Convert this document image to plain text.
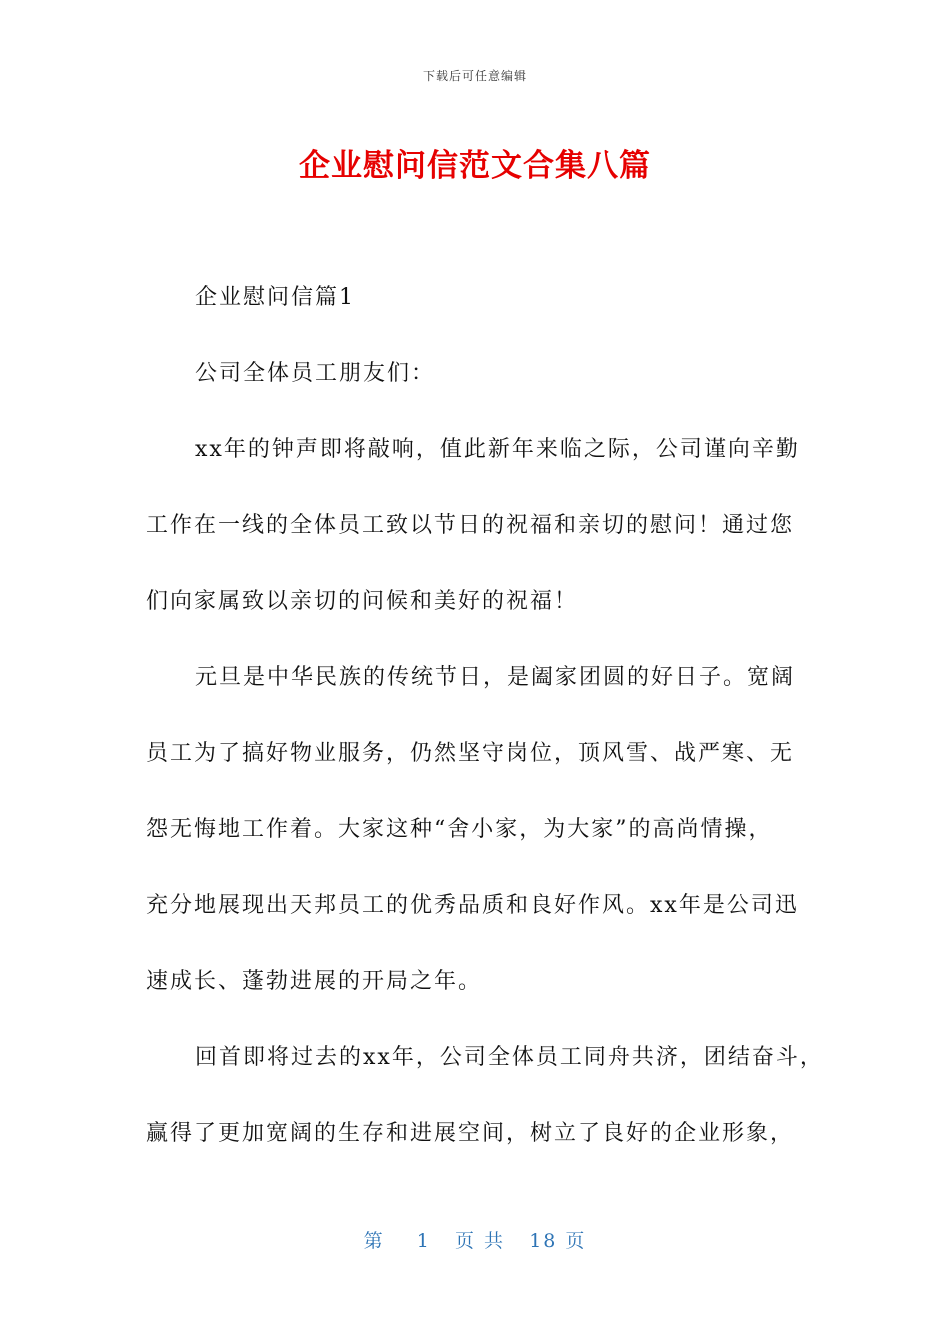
下载后可任意编辑
企业慰问信范文合集八篇
企业慰问信篇1
公司全体员工朋友们：
xx年的钟声即将敲响，值此新年来临之际，公司谨向辛勤
工作在一线的全体员工致以节日的祝福和亲切的慰问！通过您
们向家属致以亲切的问候和美好的祝福！
元旦是中华民族的传统节日，是阖家团圆的好日子。宽阔
员工为了搞好物业服务，仍然坚守岗位，顶风雪、战严寒、无
怨无悔地工作着。大家这种“舍小家，为大家”的高尚情操，
充分地展现出天邦员工的优秀品质和良好作风。xx年是公司迅
速成长、蓬勃进展的开局之年。
回首即将过去的xx年，公司全体员工同舟共济，团结奋斗，
赢得了更加宽阔的生存和进展空间，树立了良好的企业形象，
第 1 页 共 18 页
